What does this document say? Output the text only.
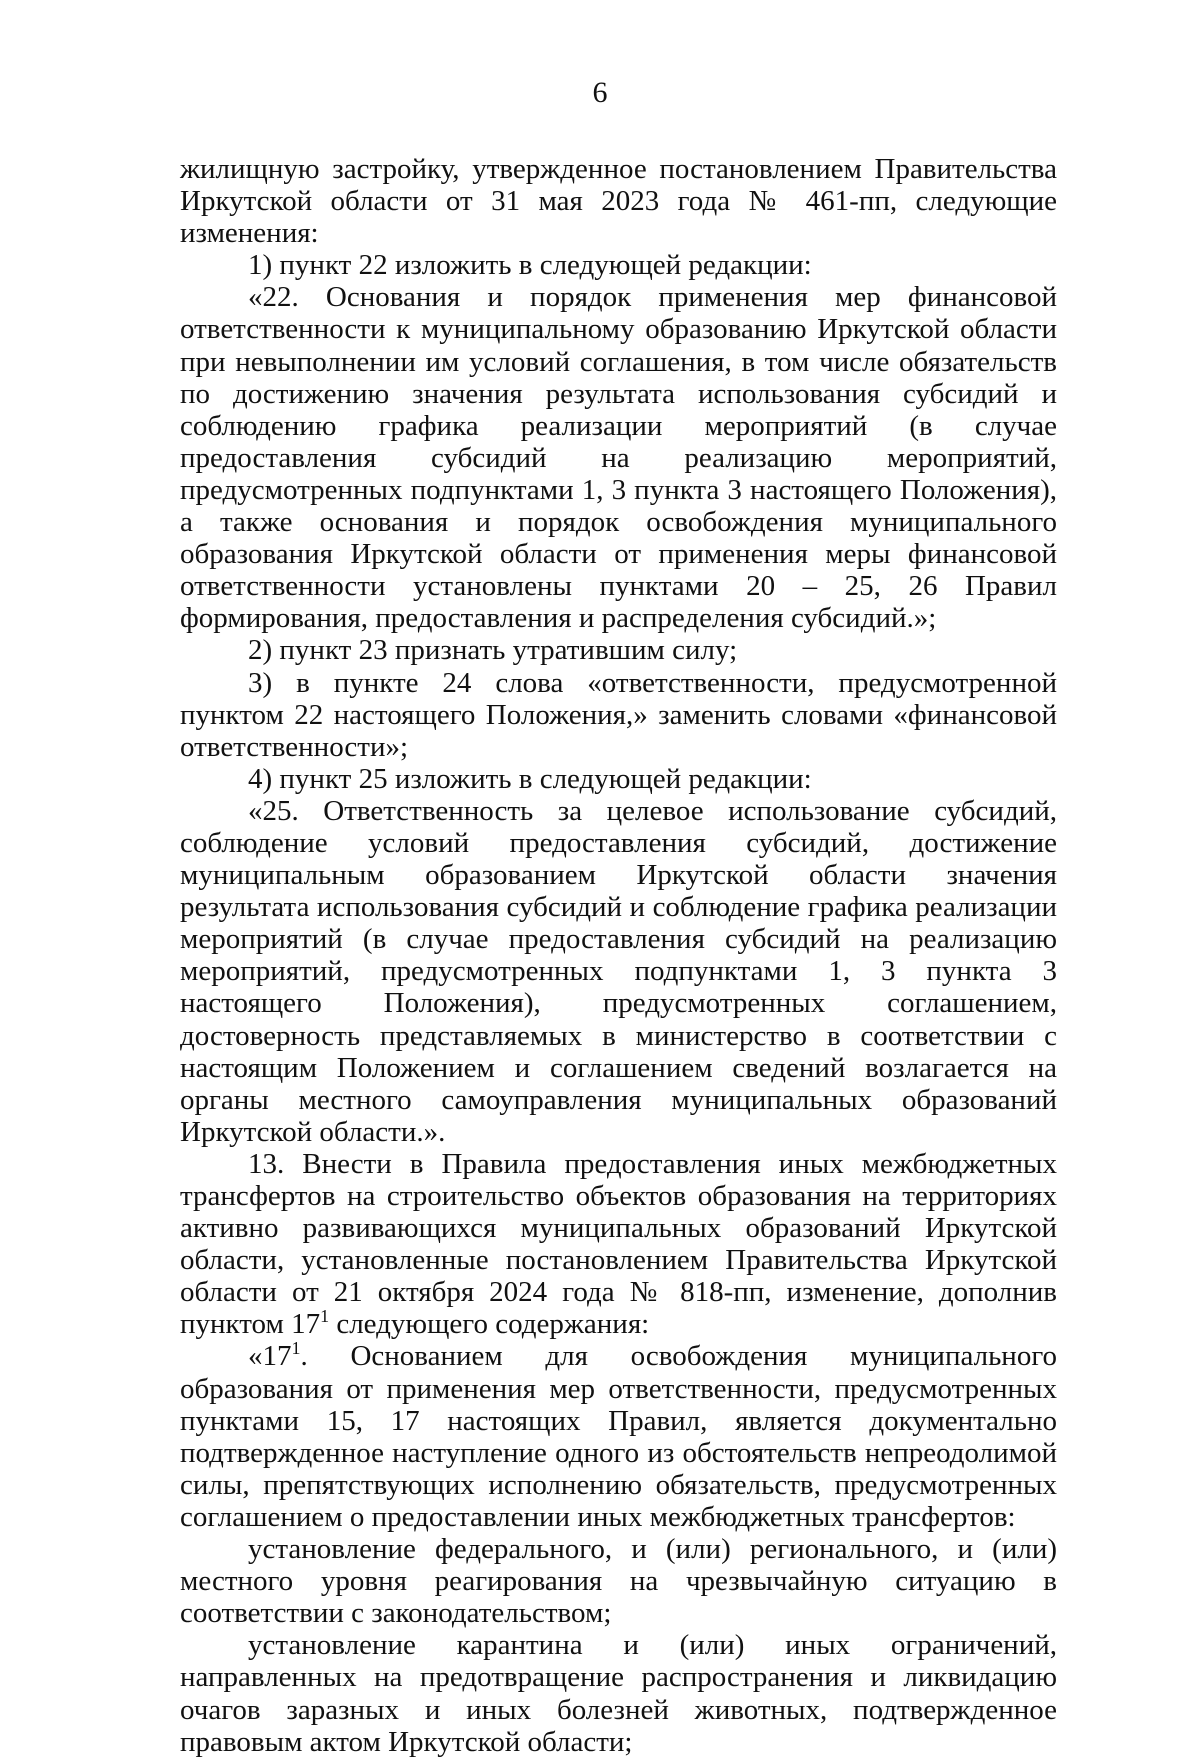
6

жилищную застройку, утвержденное постановлением Правительства Иркутской области от 31 мая 2023 года № 461-пп, следующие изменения:

1) пункт 22 изложить в следующей редакции:

«22. Основания и порядок применения мер финансовой ответственности к муниципальному образованию Иркутской области при невыполнении им условий соглашения, в том числе обязательств по достижению значения результата использования субсидий и соблюдению графика реализации мероприятий (в случае предоставления субсидий на реализацию мероприятий, предусмотренных подпунктами 1, 3 пункта 3 настоящего Положения), а также основания и порядок освобождения муниципального образования Иркутской области от применения меры финансовой ответственности установлены пунктами 20 – 25, 26 Правил формирования, предоставления и распределения субсидий.»;

2) пункт 23 признать утратившим силу;

3) в пункте 24 слова «ответственности, предусмотренной пунктом 22 настоящего Положения,» заменить словами «финансовой ответственности»;

4) пункт 25 изложить в следующей редакции:

«25. Ответственность за целевое использование субсидий, соблюдение условий предоставления субсидий, достижение муниципальным образованием Иркутской области значения результата использования субсидий и соблюдение графика реализации мероприятий (в случае предоставления субсидий на реализацию мероприятий, предусмотренных подпунктами 1, 3 пункта 3 настоящего Положения), предусмотренных соглашением, достоверность представляемых в министерство в соответствии с настоящим Положением и соглашением сведений возлагается на органы местного самоуправления муниципальных образований Иркутской области.».

13. Внести в Правила предоставления иных межбюджетных трансфертов на строительство объектов образования на территориях активно развивающихся муниципальных образований Иркутской области, установленные постановлением Правительства Иркутской области от 21 октября 2024 года № 818-пп, изменение, дополнив пунктом $17^1$ следующего содержания:

«$17^1$. Основанием для освобождения муниципального образования от применения мер ответственности, предусмотренных пунктами 15, 17 настоящих Правил, является документально подтвержденное наступление одного из обстоятельств непреодолимой силы, препятствующих исполнению обязательств, предусмотренных соглашением о предоставлении иных межбюджетных трансфертов:

установление федерального, и (или) регионального, и (или) местного уровня реагирования на чрезвычайную ситуацию в соответствии с законодательством;

установление карантина и (или) иных ограничений, направленных на предотвращение распространения и ликвидацию очагов заразных и иных болезней животных, подтвержденное правовым актом Иркутской области;
